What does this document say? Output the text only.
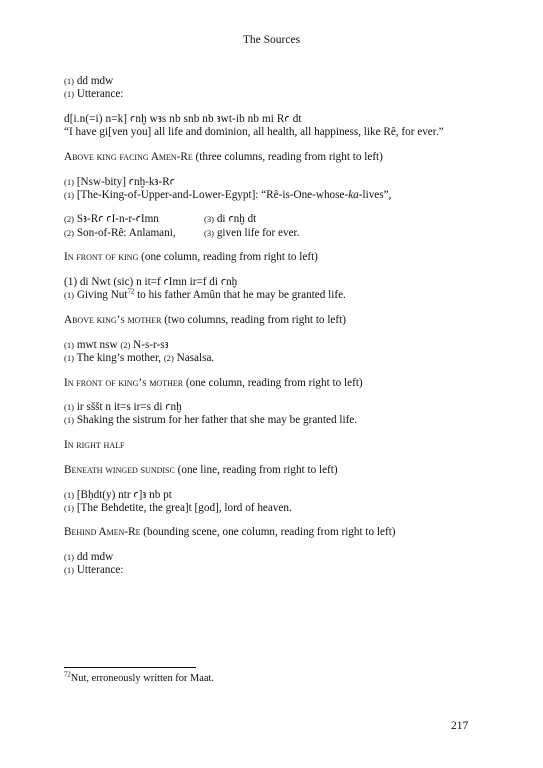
The Sources
(1) dd mdw
(1) Utterance:
d[i.n(=i) n=k] ꜥnḫ wꜣs nb snb nb ꜣwt-ib nb mi Rꜥ dt
“I have gi[ven you] all life and dominion, all health, all happiness, like Rê, for ever.”
Above king facing Amen-Re (three columns, reading from right to left)
(1) [Nsw-bity] ꜥnḫ-kꜣ-Rꜥ
(1) [The-King-of-Upper-and-Lower-Egypt]: “Rê-is-One-whose-ka-lives”,
(2) Sꜣ-Rꜥ ꜥI-n-r-ꜥImn	(3) di ꜥnḫ dt
(2) Son-of-Rê: Anlamani,	(3) given life for ever.
In front of king (one column, reading from right to left)
(1) di Nwt (sic) n it=f ꜥImn ir=f di ꜥnḫ
(1) Giving Nut$^{72}$ to his father Amûn that he may be granted life.
Above king’s mother (two columns, reading from right to left)
(1) mwt nsw (2) N-s-r-sꜣ
(1) The king’s mother, (2) Nasalsa.
In front of king’s mother (one column, reading from right to left)
(1) ir sššt n it=s ir=s di ꜥnḫ
(1) Shaking the sistrum for her father that she may be granted life.
In right half
Beneath winged sundisc (one line, reading from right to left)
(1) [Bḥdt(y) ntr ꜥ]ꜣ nb pt
(1) [The Behdetite, the grea]t [god], lord of heaven.
Behind Amen-Re (bounding scene, one column, reading from right to left)
(1) dd mdw
(1) Utterance:
$^{72}$Nut, erroneously written for Maat.
217
